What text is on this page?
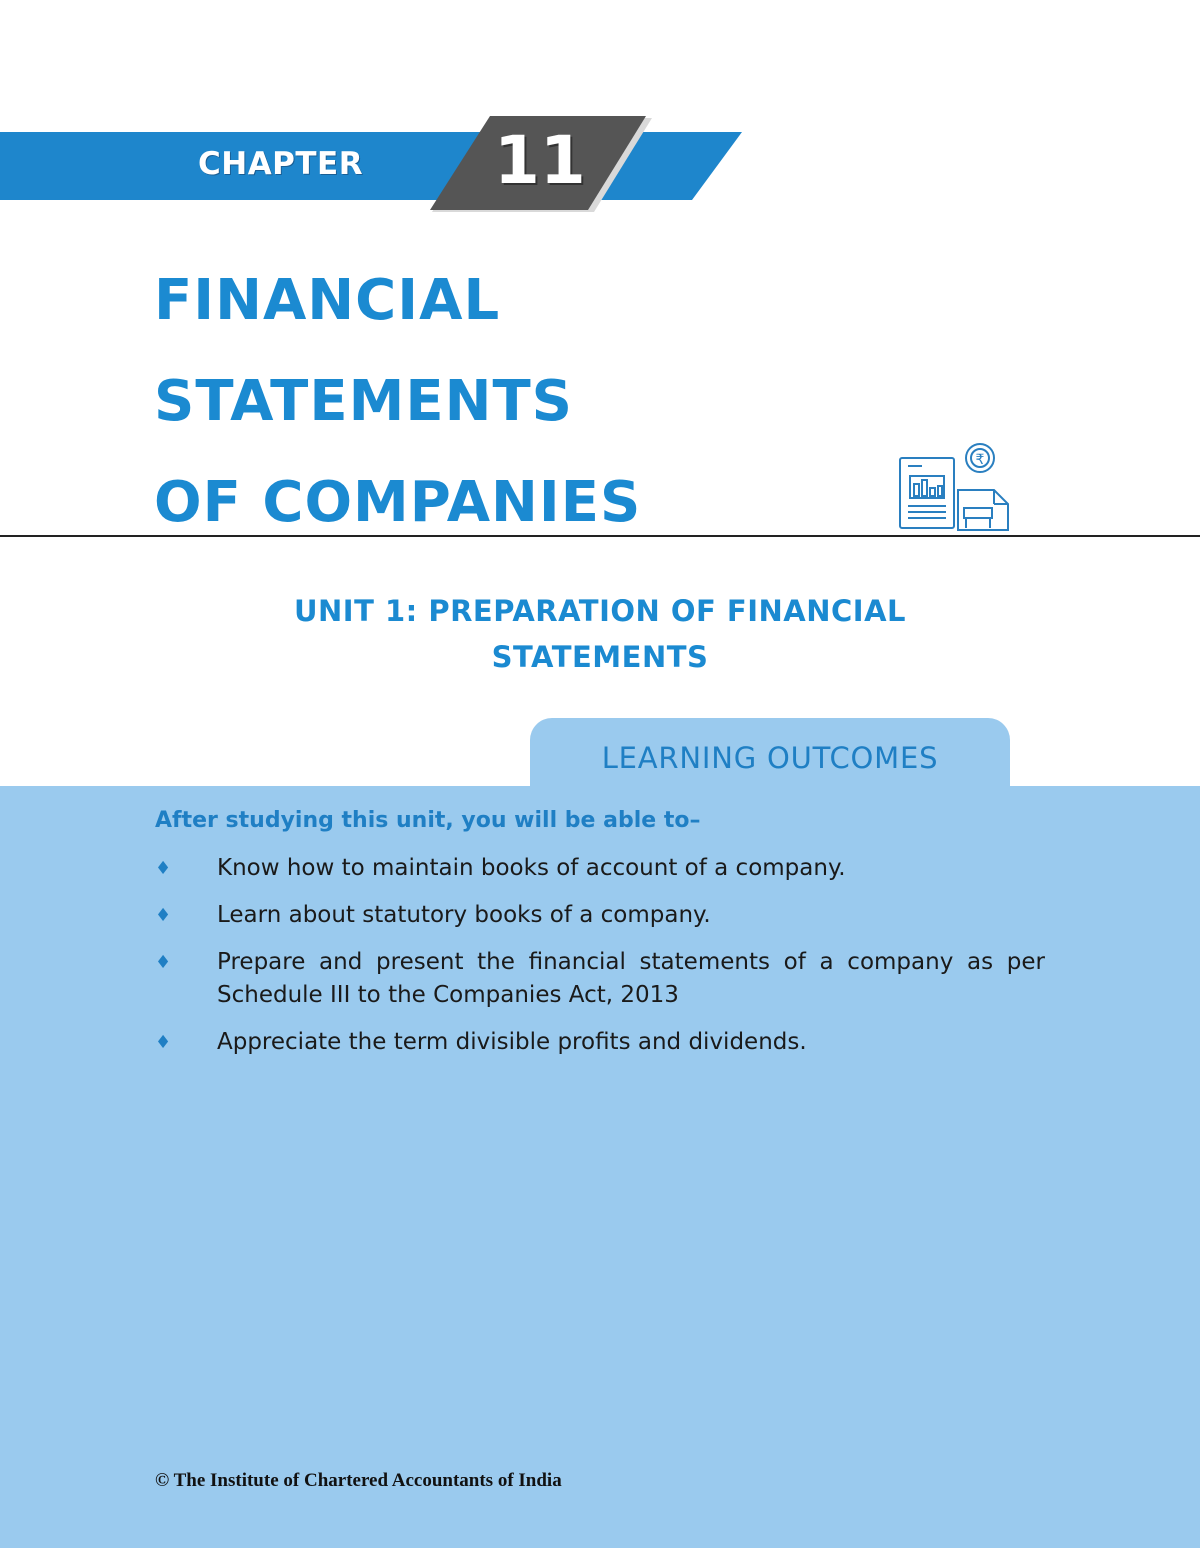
CHAPTER 11
FINANCIAL
STATEMENTS
OF COMPANIES
₹
UNIT 1: PREPARATION OF FINANCIAL
STATEMENTS
LEARNING OUTCOMES
After studying this unit, you will be able to–
♦ Know how to maintain books of account of a company.
♦ Learn about statutory books of a company.
♦ Prepare and present the financial statements of a company as per Schedule III to the Companies Act, 2013
♦ Appreciate the term divisible profits and dividends.
© The Institute of Chartered Accountants of India
